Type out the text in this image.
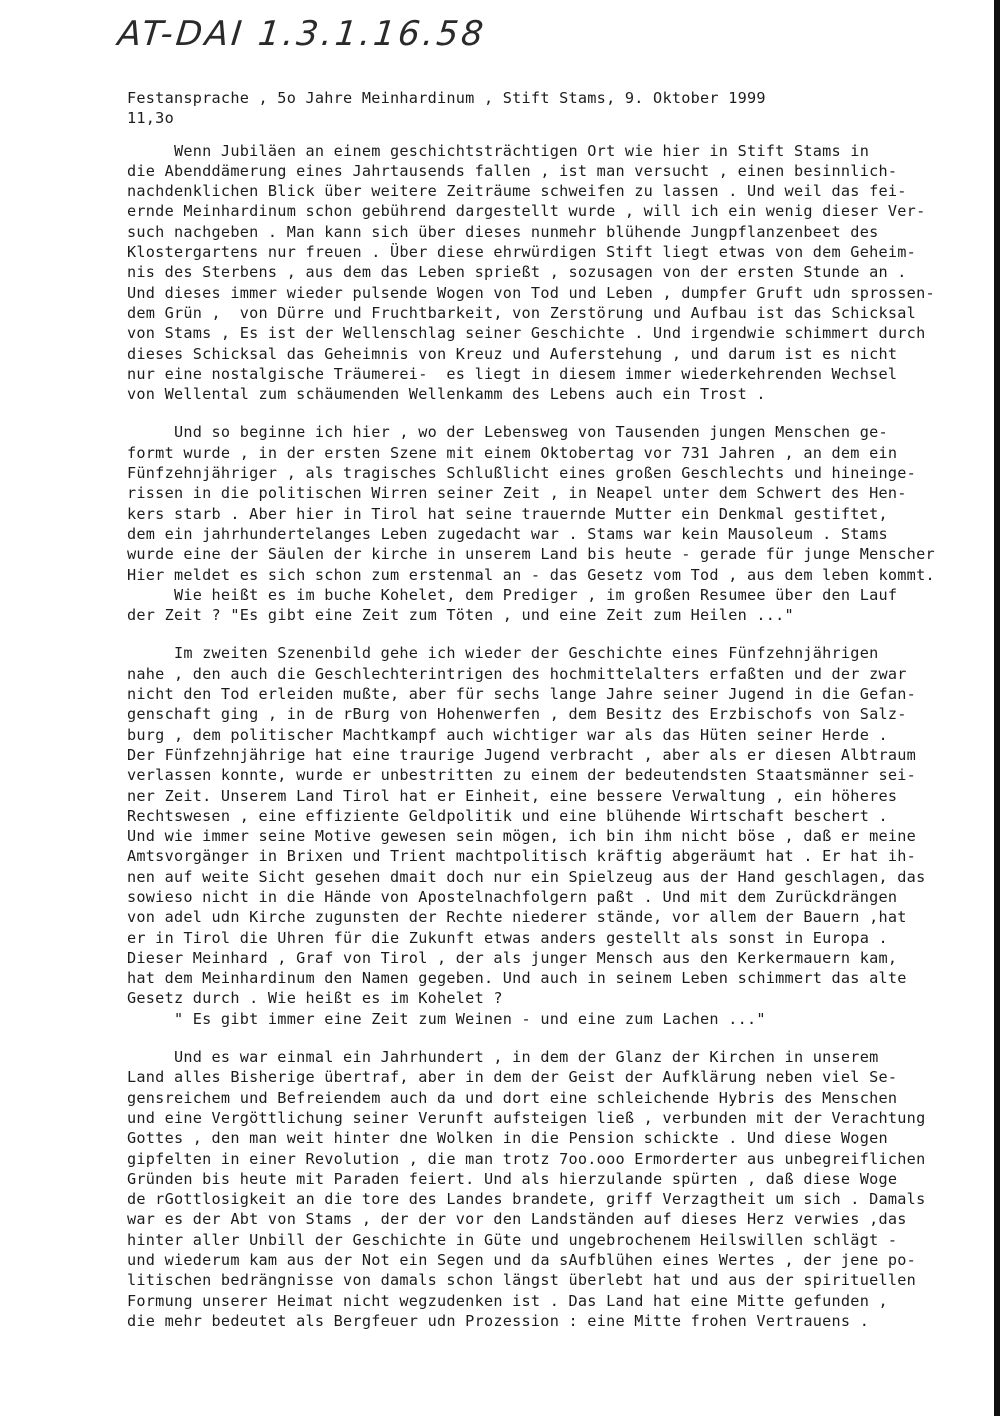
AT-DAI 1.3.1.16.58
Festansprache , 5o Jahre Meinhardinum , Stift Stams, 9. Oktober 1999
11,3o
Wenn Jubiläen an einem geschichtsträchtigen Ort wie hier in Stift Stams in
die Abenddämerung eines Jahrtausends fallen , ist man versucht , einen besinnlich-
nachdenklichen Blick über weitere Zeiträume schweifen zu lassen . Und weil das fei-
ernde Meinhardinum schon gebührend dargestellt wurde , will ich ein wenig dieser Ver-
such nachgeben . Man kann sich über dieses nunmehr blühende Jungpflanzenbeet des
Klostergartens nur freuen . Über diese ehrwürdigen Stift liegt etwas von dem Geheim-
nis des Sterbens , aus dem das Leben sprießt , sozusagen von der ersten Stunde an .
Und dieses immer wieder pulsende Wogen von Tod und Leben , dumpfer Gruft udn sprossen-
dem Grün ,  von Dürre und Fruchtbarkeit, von Zerstörung und Aufbau ist das Schicksal
von Stams , Es ist der Wellenschlag seiner Geschichte . Und irgendwie schimmert durch
dieses Schicksal das Geheimnis von Kreuz und Auferstehung , und darum ist es nicht
nur eine nostalgische Träumerei-  es liegt in diesem immer wiederkehrenden Wechsel
von Wellental zum schäumenden Wellenkamm des Lebens auch ein Trost .
Und so beginne ich hier , wo der Lebensweg von Tausenden jungen Menschen ge-
formt wurde , in der ersten Szene mit einem Oktobertag vor 731 Jahren , an dem ein
Fünfzehnjähriger , als tragisches Schlußlicht eines großen Geschlechts und hineinge-
rissen in die politischen Wirren seiner Zeit , in Neapel unter dem Schwert des Hen-
kers starb . Aber hier in Tirol hat seine trauernde Mutter ein Denkmal gestiftet,
dem ein jahrhundertelanges Leben zugedacht war . Stams war kein Mausoleum . Stams
wurde eine der Säulen der kirche in unserem Land bis heute - gerade für junge Menscher
Hier meldet es sich schon zum erstenmal an - das Gesetz vom Tod , aus dem leben kommt.
Wie heißt es im buche Kohelet, dem Prediger , im großen Resumee über den Lauf
der Zeit ? "Es gibt eine Zeit zum Töten , und eine Zeit zum Heilen ..."
Im zweiten Szenenbild gehe ich wieder der Geschichte eines Fünfzehnjährigen
nahe , den auch die Geschlechterintrigen des hochmittelalters erfaßten und der zwar
nicht den Tod erleiden mußte, aber für sechs lange Jahre seiner Jugend in die Gefan-
genschaft ging , in de rBurg von Hohenwerfen , dem Besitz des Erzbischofs von Salz-
burg , dem politischer Machtkampf auch wichtiger war als das Hüten seiner Herde .
Der Fünfzehnjährige hat eine traurige Jugend verbracht , aber als er diesen Albtraum
verlassen konnte, wurde er unbestritten zu einem der bedeutendsten Staatsmänner sei-
ner Zeit. Unserem Land Tirol hat er Einheit, eine bessere Verwaltung , ein höheres
Rechtswesen , eine effiziente Geldpolitik und eine blühende Wirtschaft beschert .
Und wie immer seine Motive gewesen sein mögen, ich bin ihm nicht böse , daß er meine
Amtsvorgänger in Brixen und Trient machtpolitisch kräftig abgeräumt hat . Er hat ih-
nen auf weite Sicht gesehen dmait doch nur ein Spielzeug aus der Hand geschlagen, das
sowieso nicht in die Hände von Apostelnachfolgern paßt . Und mit dem Zurückdrängen
von adel udn Kirche zugunsten der Rechte niederer stände, vor allem der Bauern ,hat
er in Tirol die Uhren für die Zukunft etwas anders gestellt als sonst in Europa .
Dieser Meinhard , Graf von Tirol , der als junger Mensch aus den Kerkermauern kam,
hat dem Meinhardinum den Namen gegeben. Und auch in seinem Leben schimmert das alte
Gesetz durch . Wie heißt es im Kohelet ?
" Es gibt immer eine Zeit zum Weinen - und eine zum Lachen ..."
Und es war einmal ein Jahrhundert , in dem der Glanz der Kirchen in unserem
Land alles Bisherige übertraf, aber in dem der Geist der Aufklärung neben viel Se-
gensreichem und Befreiendem auch da und dort eine schleichende Hybris des Menschen
und eine Vergöttlichung seiner Verunft aufsteigen ließ , verbunden mit der Verachtung
Gottes , den man weit hinter dne Wolken in die Pension schickte . Und diese Wogen
gipfelten in einer Revolution , die man trotz 7oo.ooo Ermorderter aus unbegreiflichen
Gründen bis heute mit Paraden feiert. Und als hierzulande spürten , daß diese Woge
de rGottlosigkeit an die tore des Landes brandete, griff Verzagtheit um sich . Damals
war es der Abt von Stams , der der vor den Landständen auf dieses Herz verwies ,das
hinter aller Unbill der Geschichte in Güte und ungebrochenem Heilswillen schlägt -
und wiederum kam aus der Not ein Segen und da sAufblühen eines Wertes , der jene po-
litischen bedrängnisse von damals schon längst überlebt hat und aus der spirituellen
Formung unserer Heimat nicht wegzudenken ist . Das Land hat eine Mitte gefunden ,
die mehr bedeutet als Bergfeuer udn Prozession : eine Mitte frohen Vertrauens .
